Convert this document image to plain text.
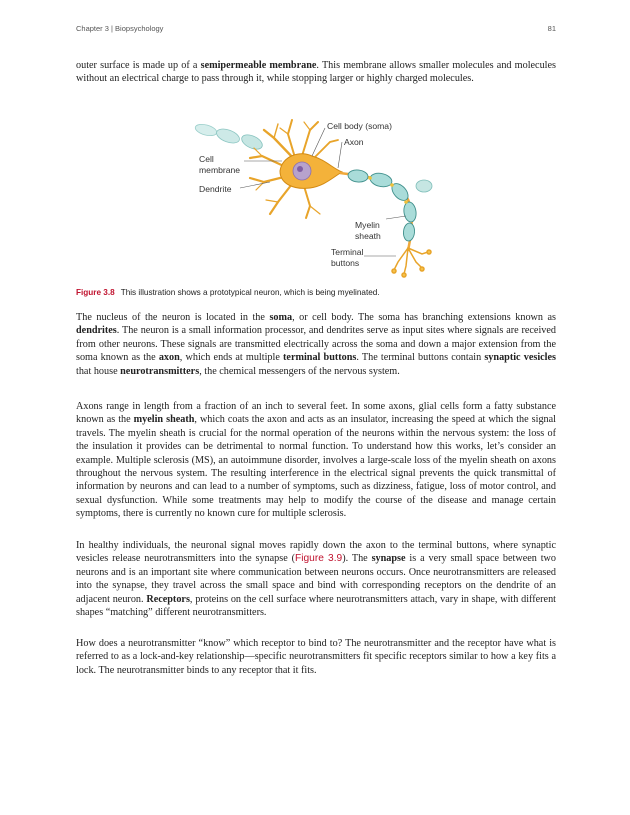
Chapter 3 | Biopsychology	81

outer surface is made up of a semipermeable membrane. This membrane allows smaller molecules and molecules without an electrical charge to pass through it, while stopping larger or highly charged molecules.

Cell body (soma)
Axon
Cell
membrane
Dendrite
Myelin
sheath
Terminal
buttons
Figure 3.8 This illustration shows a prototypical neuron, which is being myelinated.

The nucleus of the neuron is located in the soma, or cell body. The soma has branching extensions known as dendrites. The neuron is a small information processor, and dendrites serve as input sites where signals are received from other neurons. These signals are transmitted electrically across the soma and down a major extension from the soma known as the axon, which ends at multiple terminal buttons. The terminal buttons contain synaptic vesicles that house neurotransmitters, the chemical messengers of the nervous system.

Axons range in length from a fraction of an inch to several feet. In some axons, glial cells form a fatty substance known as the myelin sheath, which coats the axon and acts as an insulator, increasing the speed at which the signal travels. The myelin sheath is crucial for the normal operation of the neurons within the nervous system: the loss of the insulation it provides can be detrimental to normal function. To understand how this works, let’s consider an example. Multiple sclerosis (MS), an autoimmune disorder, involves a large-scale loss of the myelin sheath on axons throughout the nervous system. The resulting interference in the electrical signal prevents the quick transmittal of information by neurons and can lead to a number of symptoms, such as dizziness, fatigue, loss of motor control, and sexual dysfunction. While some treatments may help to modify the course of the disease and manage certain symptoms, there is currently no known cure for multiple sclerosis.

In healthy individuals, the neuronal signal moves rapidly down the axon to the terminal buttons, where synaptic vesicles release neurotransmitters into the synapse (Figure 3.9). The synapse is a very small space between two neurons and is an important site where communication between neurons occurs. Once neurotransmitters are released into the synapse, they travel across the small space and bind with corresponding receptors on the dendrite of an adjacent neuron. Receptors, proteins on the cell surface where neurotransmitters attach, vary in shape, with different shapes “matching” different neurotransmitters.

How does a neurotransmitter “know” which receptor to bind to? The neurotransmitter and the receptor have what is referred to as a lock-and-key relationship—specific neurotransmitters fit specific receptors similar to how a key fits a lock. The neurotransmitter binds to any receptor that it fits.
